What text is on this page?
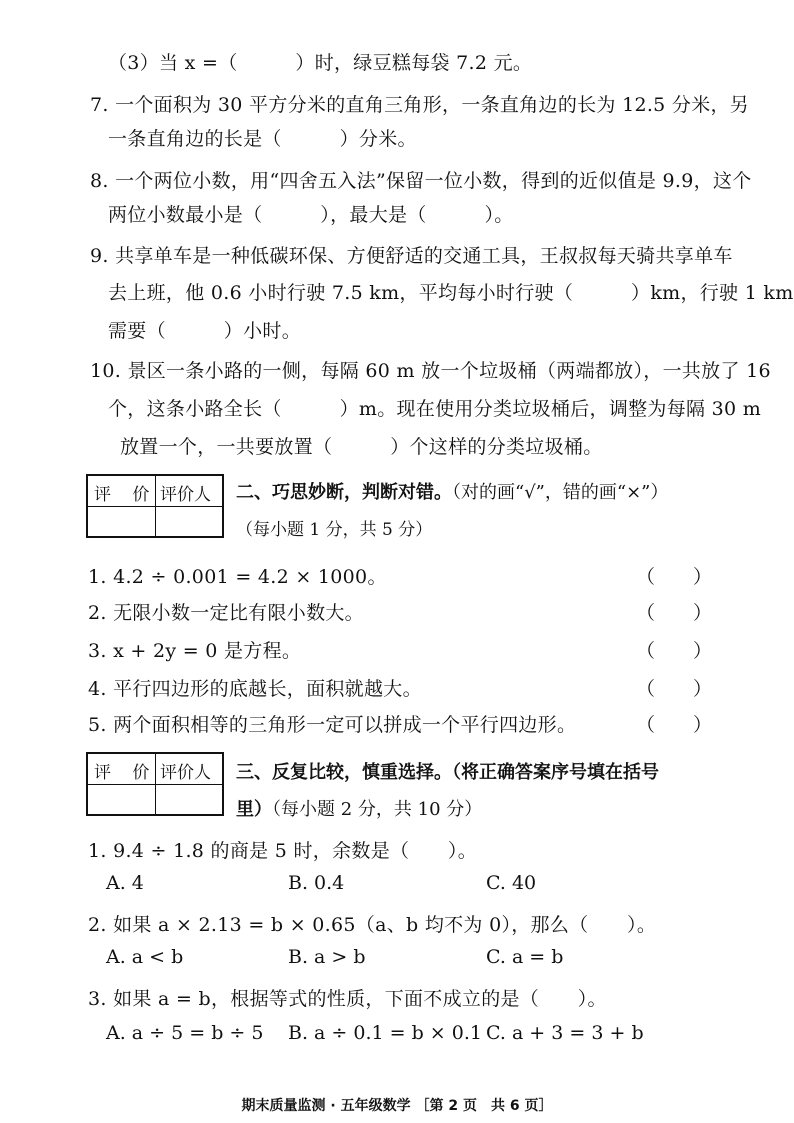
（3）当 x =（　　　）时，绿豆糕每袋 7.2 元。
7. 一个面积为 30 平方分米的直角三角形，一条直角边的长为 12.5 分米，另
一条直角边的长是（　　　）分米。
8. 一个两位小数，用“四舍五入法”保留一位小数，得到的近似值是 9.9，这个
两位小数最小是（　　　），最大是（　　　）。
9. 共享单车是一种低碳环保、方便舒适的交通工具，王叔叔每天骑共享单车
去上班，他 0.6 小时行驶 7.5 km，平均每小时行驶（　　　）km，行驶 1 km
需要（　　　）小时。
10. 景区一条小路的一侧，每隔 60 m 放一个垃圾桶（两端都放），一共放了 16
个，这条小路全长（　　　）m。现在使用分类垃圾桶后，调整为每隔 30 m
放置一个，一共要放置（　　　）个这样的分类垃圾桶。
评 价 评价人 二、巧思妙断，判断对错。（对的画“√”，错的画“×”）
（每小题 1 分，共 5 分）
1. 4.2 ÷ 0.001 = 4.2 × 1000。	（　　）
2. 无限小数一定比有限小数大。	（　　）
3. x + 2y = 0 是方程。	（　　）
4. 平行四边形的底越长，面积就越大。	（　　）
5. 两个面积相等的三角形一定可以拼成一个平行四边形。	（　　）
评 价 评价人 三、反复比较，慎重选择。（将正确答案序号填在括号
里）（每小题 2 分，共 10 分）
1. 9.4 ÷ 1.8 的商是 5 时，余数是（　　）。
A. 4	B. 0.4	C. 40
2. 如果 a × 2.13 = b × 0.65（a、b 均不为 0），那么（　　）。
A. a < b	B. a > b	C. a = b
3. 如果 a = b，根据等式的性质，下面不成立的是（　　）。
A. a ÷ 5 = b ÷ 5 B. a ÷ 0.1 = b × 0.1 C. a + 3 = 3 + b
期末质量监测 · 五年级数学 ［第 2 页　共 6 页］
